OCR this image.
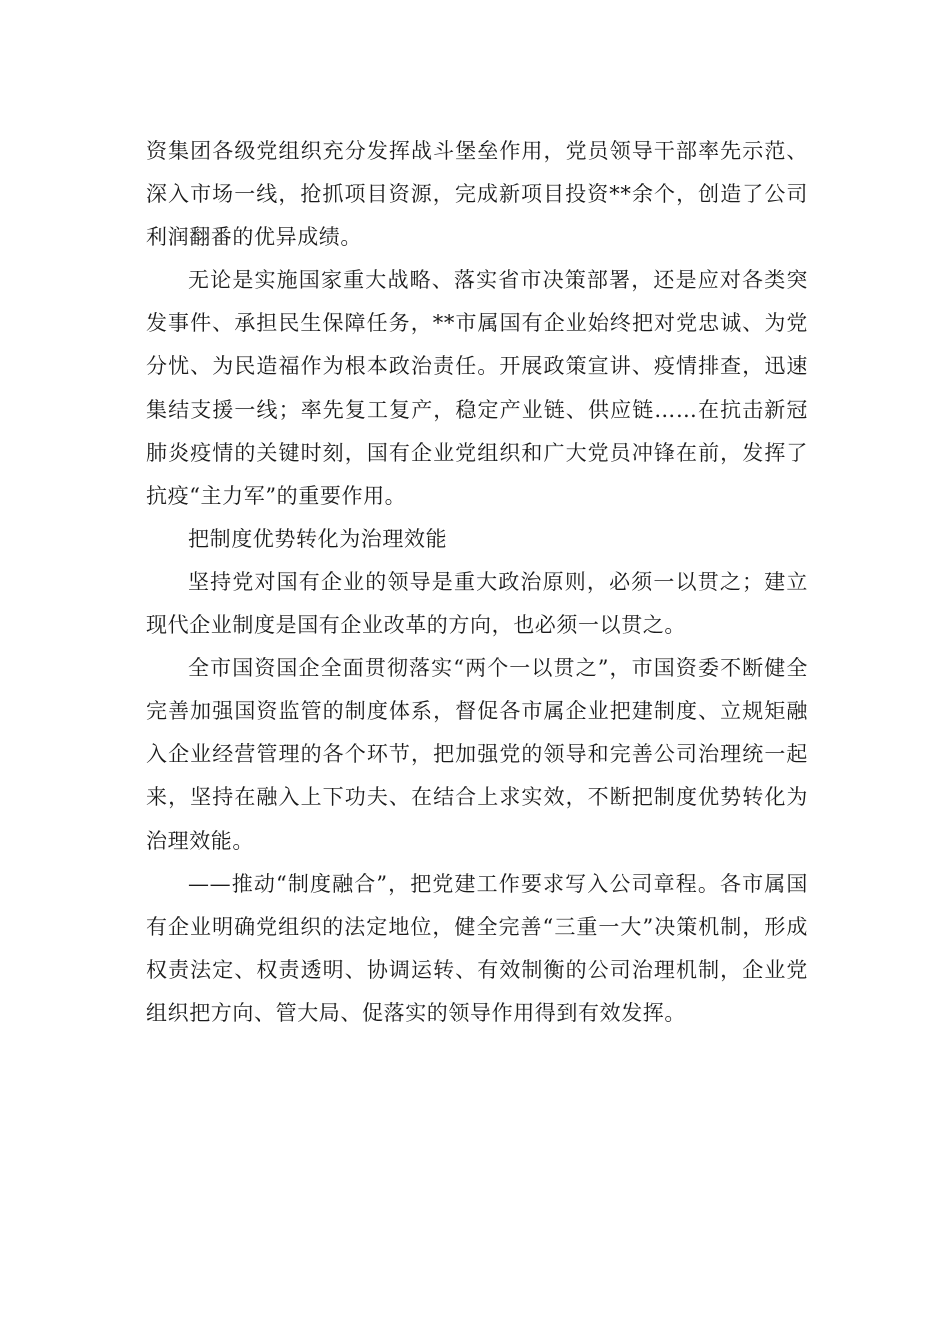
资集团各级党组织充分发挥战斗堡垒作用，党员领导干部率先示范、深入市场一线，抢抓项目资源，完成新项目投资**余个，创造了公司利润翻番的优异成绩。

无论是实施国家重大战略、落实省市决策部署，还是应对各类突发事件、承担民生保障任务，**市属国有企业始终把对党忠诚、为党分忧、为民造福作为根本政治责任。开展政策宣讲、疫情排查，迅速集结支援一线；率先复工复产，稳定产业链、供应链……在抗击新冠肺炎疫情的关键时刻，国有企业党组织和广大党员冲锋在前，发挥了抗疫“主力军”的重要作用。

把制度优势转化为治理效能

坚持党对国有企业的领导是重大政治原则，必须一以贯之；建立现代企业制度是国有企业改革的方向，也必须一以贯之。

全市国资国企全面贯彻落实“两个一以贯之”，市国资委不断健全完善加强国资监管的制度体系，督促各市属企业把建制度、立规矩融入企业经营管理的各个环节，把加强党的领导和完善公司治理统一起来，坚持在融入上下功夫、在结合上求实效，不断把制度优势转化为治理效能。

——推动“制度融合”，把党建工作要求写入公司章程。各市属国有企业明确党组织的法定地位，健全完善“三重一大”决策机制，形成权责法定、权责透明、协调运转、有效制衡的公司治理机制，企业党组织把方向、管大局、促落实的领导作用得到有效发挥。
